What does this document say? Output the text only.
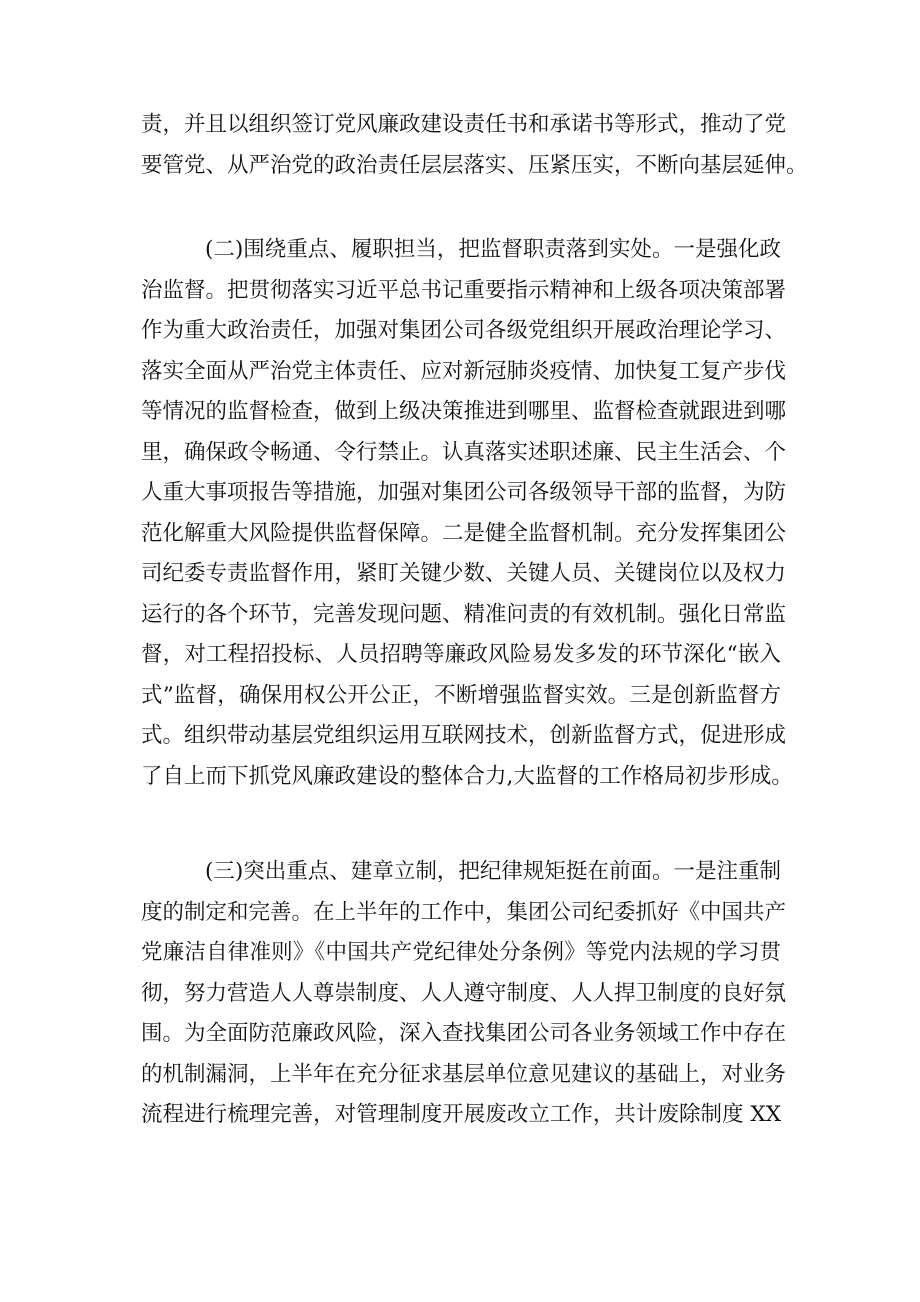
责，并且以组织签订党风廉政建设责任书和承诺书等形式，推动了党
要管党、从严治党的政治责任层层落实、压紧压实，不断向基层延伸。

(二)围绕重点、履职担当，把监督职责落到实处。一是强化政
治监督。把贯彻落实习近平总书记重要指示精神和上级各项决策部署
作为重大政治责任，加强对集团公司各级党组织开展政治理论学习、
落实全面从严治党主体责任、应对新冠肺炎疫情、加快复工复产步伐
等情况的监督检查，做到上级决策推进到哪里、监督检查就跟进到哪
里，确保政令畅通、令行禁止。认真落实述职述廉、民主生活会、个
人重大事项报告等措施，加强对集团公司各级领导干部的监督，为防
范化解重大风险提供监督保障。二是健全监督机制。充分发挥集团公
司纪委专责监督作用，紧盯关键少数、关键人员、关键岗位以及权力
运行的各个环节，完善发现问题、精准问责的有效机制。强化日常监
督，对工程招投标、人员招聘等廉政风险易发多发的环节深化“嵌入
式”监督，确保用权公开公正，不断增强监督实效。三是创新监督方
式。组织带动基层党组织运用互联网技术，创新监督方式，促进形成
了自上而下抓党风廉政建设的整体合力,大监督的工作格局初步形成。

(三)突出重点、建章立制，把纪律规矩挺在前面。一是注重制
度的制定和完善。在上半年的工作中，集团公司纪委抓好《中国共产
党廉洁自律准则》《中国共产党纪律处分条例》等党内法规的学习贯
彻，努力营造人人尊崇制度、人人遵守制度、人人捍卫制度的良好氛
围。为全面防范廉政风险，深入查找集团公司各业务领域工作中存在
的机制漏洞，上半年在充分征求基层单位意见建议的基础上，对业务
流程进行梳理完善，对管理制度开展废改立工作，共计废除制度 XX
